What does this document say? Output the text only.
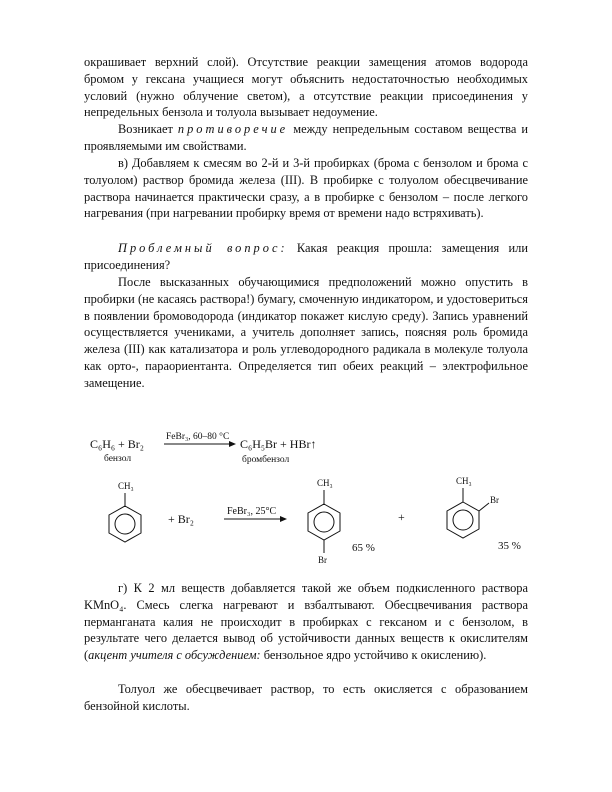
окрашивает верхний слой). Отсутствие реакции замещения атомов водорода бромом у гексана учащиеся могут объяснить недостаточностью необходимых условий (нужно облучение светом), а отсутствие реакции присоединения у непредельных бензола и толуола вызывает недоумение.

Возникает противоречие между непредельным составом вещества и проявляемыми им свойствами.

в) Добавляем к смесям во 2-й и 3-й пробирках (брома с бензолом и брома с толуолом) раствор бромида железа (III). В пробирке с толуолом обесцвечивание раствора начинается практически сразу, а в пробирке с бензолом – после легкого нагревания (при нагревании пробирку время от времени надо встряхивать).

Проблемный вопрос: Какая реакция прошла: замещения или присоединения?

После высказанных обучающимися предположений можно опустить в пробирки (не касаясь раствора!) бумагу, смоченную индикатором, и удостовериться в появлении бромоводорода (индикатор покажет кислую среду). Запись уравнений осуществляется учениками, а учитель дополняет запись, поясняя роль бромида железа (III) как катализатора и роль углеводородного радикала в молекуле толуола как орто-, параориентанта. Определяется тип обеих реакций – электрофильное замещение.

C₆H₆ + Br₂ FeBr₃, 60–80 °C C₆H₅Br + HBr↑
бензол	бромбензол
CH₃
+ Br₂
FeBr₃, 25°C
CH₃
Br
65 %
+
CH₃
Br
35 %

г) К 2 мл веществ добавляется такой же объем подкисленного раствора KMnO₄. Смесь слегка нагревают и взбалтывают. Обесцвечивания раствора перманганата калия не происходит в пробирках с гексаном и с бензолом, в результате чего делается вывод об устойчивости данных веществ к окислителям (акцент учителя с обсуждением: бензольное ядро устойчиво к окислению).

Толуол же обесцвечивает раствор, то есть окисляется с образованием бензойной кислоты.
